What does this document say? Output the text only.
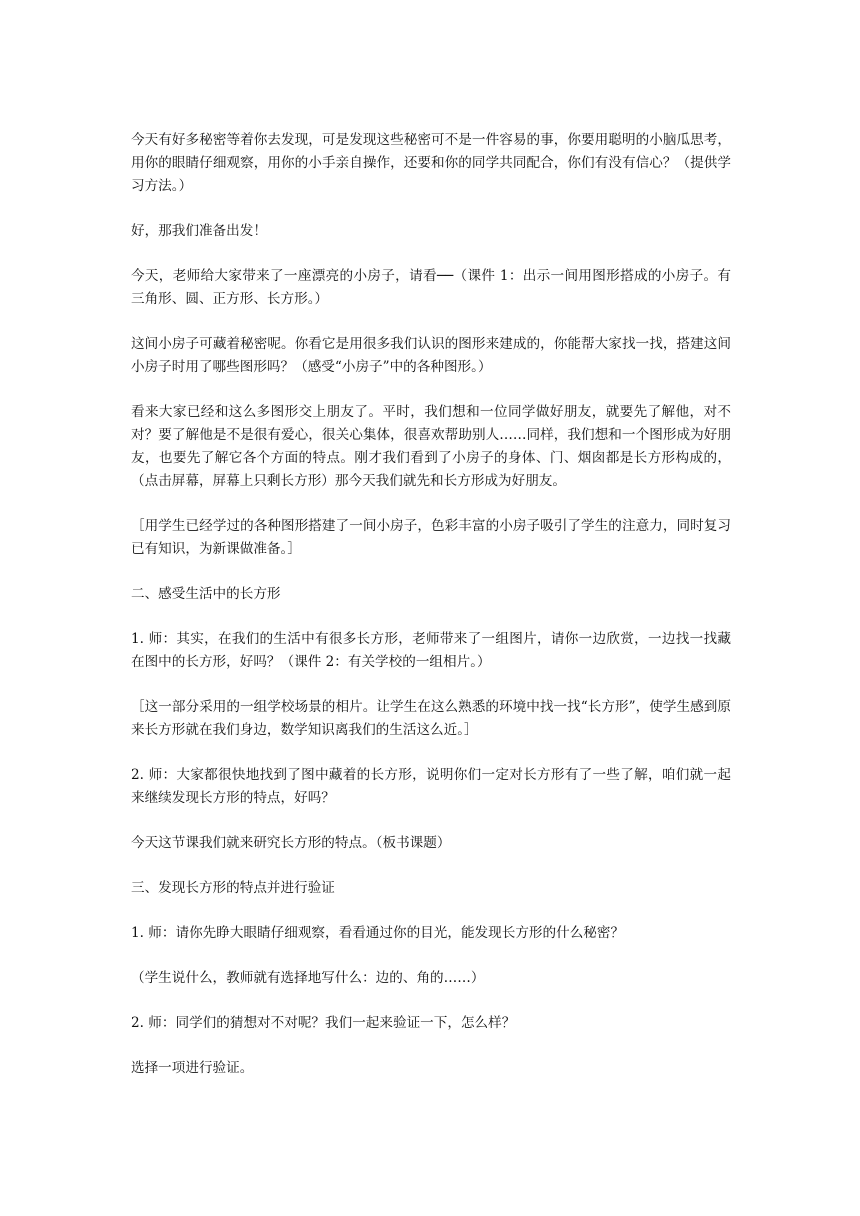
今天有好多秘密等着你去发现，可是发现这些秘密可不是一件容易的事，你要用聪明的小脑瓜思考，用你的眼睛仔细观察，用你的小手亲自操作，还要和你的同学共同配合，你们有没有信心？（提供学习方法。）

好，那我们准备出发！

今天，老师给大家带来了一座漂亮的小房子，请看──（课件 1：出示一间用图形搭成的小房子。有三角形、圆、正方形、长方形。）

这间小房子可藏着秘密呢。你看它是用很多我们认识的图形来建成的，你能帮大家找一找，搭建这间小房子时用了哪些图形吗？（感受“小房子”中的各种图形。）

看来大家已经和这么多图形交上朋友了。平时，我们想和一位同学做好朋友，就要先了解他，对不对？要了解他是不是很有爱心，很关心集体，很喜欢帮助别人……同样，我们想和一个图形成为好朋友，也要先了解它各个方面的特点。刚才我们看到了小房子的身体、门、烟囱都是长方形构成的，（点击屏幕，屏幕上只剩长方形）那今天我们就先和长方形成为好朋友。

［用学生已经学过的各种图形搭建了一间小房子，色彩丰富的小房子吸引了学生的注意力，同时复习已有知识，为新课做准备。］

二、感受生活中的长方形

1. 师：其实，在我们的生活中有很多长方形，老师带来了一组图片，请你一边欣赏，一边找一找藏在图中的长方形，好吗？（课件 2：有关学校的一组相片。）

［这一部分采用的一组学校场景的相片。让学生在这么熟悉的环境中找一找“长方形”，使学生感到原来长方形就在我们身边，数学知识离我们的生活这么近。］

2. 师：大家都很快地找到了图中藏着的长方形，说明你们一定对长方形有了一些了解，咱们就一起来继续发现长方形的特点，好吗？

今天这节课我们就来研究长方形的特点。（板书课题）

三、发现长方形的特点并进行验证

1. 师：请你先睁大眼睛仔细观察，看看通过你的目光，能发现长方形的什么秘密？

（学生说什么，教师就有选择地写什么：边的、角的……）

2. 师：同学们的猜想对不对呢？我们一起来验证一下，怎么样？

选择一项进行验证。
